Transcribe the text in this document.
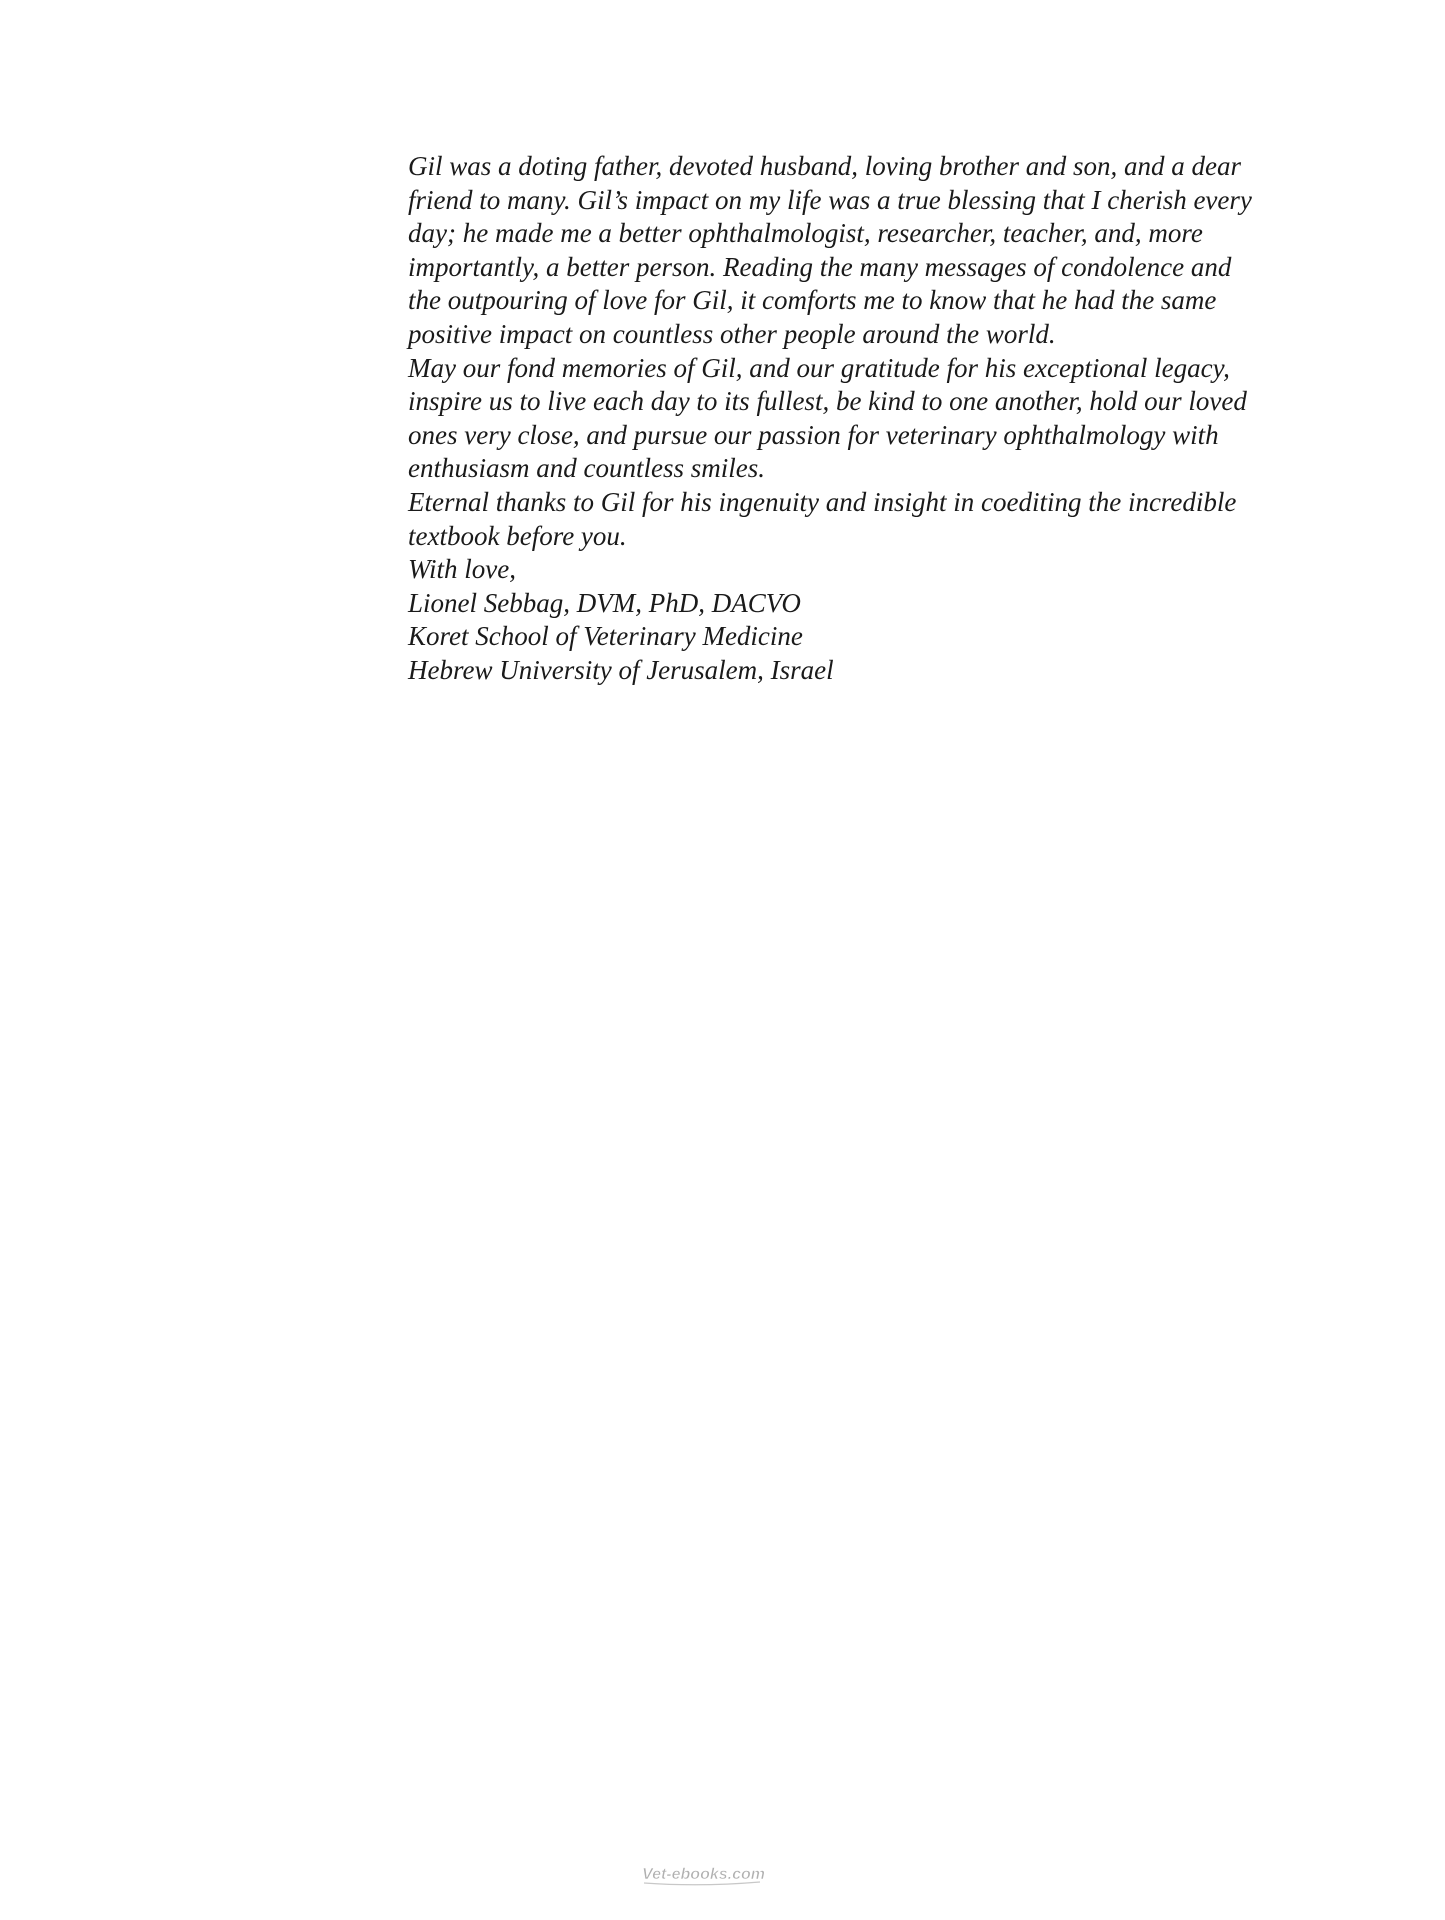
Gil was a doting father, devoted husband, loving brother and son, and a dear
friend to many. Gil’s impact on my life was a true blessing that I cherish every
day; he made me a better ophthalmologist, researcher, teacher, and, more
importantly, a better person. Reading the many messages of condolence and
the outpouring of love for Gil, it comforts me to know that he had the same
positive impact on countless other people around the world.
May our fond memories of Gil, and our gratitude for his exceptional legacy,
inspire us to live each day to its fullest, be kind to one another, hold our loved
ones very close, and pursue our passion for veterinary ophthalmology with
enthusiasm and countless smiles.
Eternal thanks to Gil for his ingenuity and insight in coediting the incredible
textbook before you.
With love,
Lionel Sebbag, DVM, PhD, DACVO
Koret School of Veterinary Medicine
Hebrew University of Jerusalem, Israel
Vet-ebooks.com
